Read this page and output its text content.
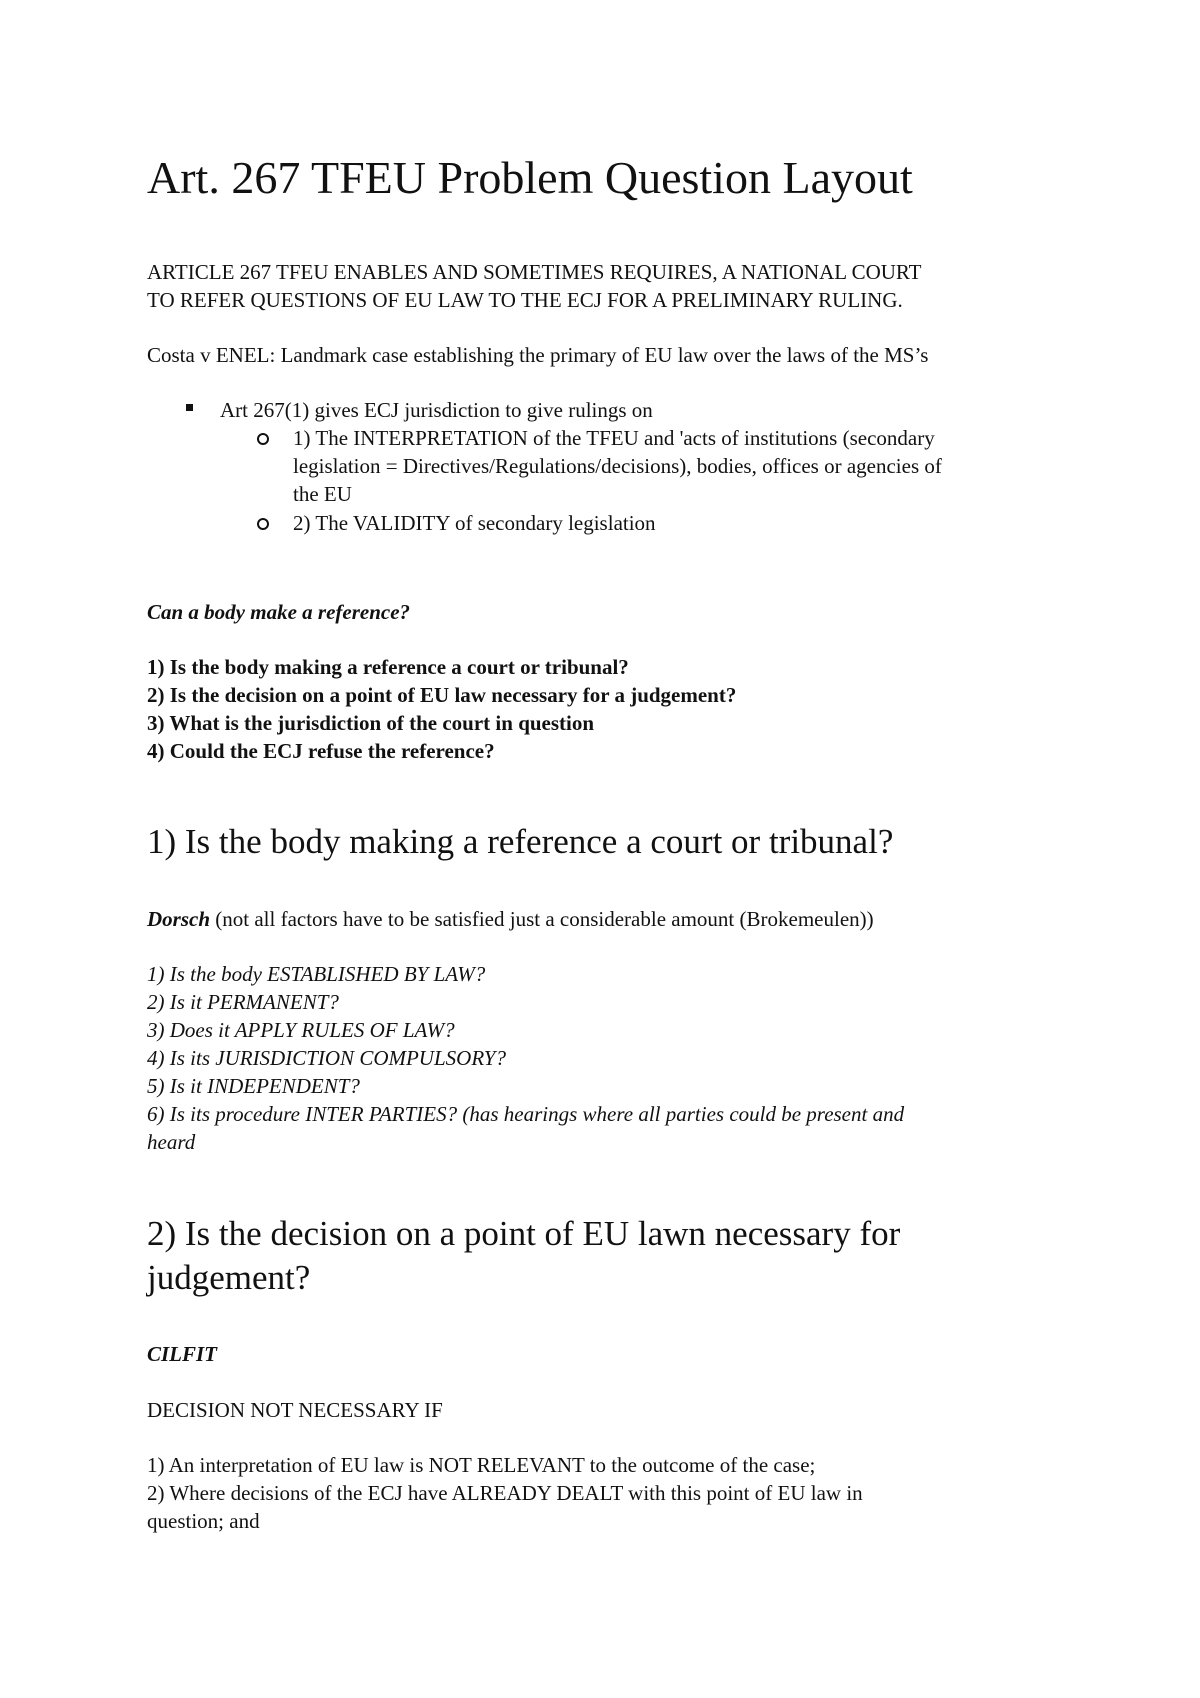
Art. 267 TFEU Problem Question Layout

ARTICLE 267 TFEU ENABLES AND SOMETIMES REQUIRES, A NATIONAL COURT

TO REFER QUESTIONS OF EU LAW TO THE ECJ FOR A PRELIMINARY RULING.

Costa v ENEL: Landmark case establishing the primary of EU law over the laws of the MS’s

Art 267(1) gives ECJ jurisdiction to give rulings on

1) The INTERPRETATION of the TFEU and 'acts of institutions (secondary

legislation = Directives/Regulations/decisions), bodies, offices or agencies of

the EU

2) The VALIDITY of secondary legislation

Can a body make a reference?

1) Is the body making a reference a court or tribunal?

2) Is the decision on a point of EU law necessary for a judgement?

3) What is the jurisdiction of the court in question

4) Could the ECJ refuse the reference?

1) Is the body making a reference a court or tribunal?

Dorsch (not all factors have to be satisfied just a considerable amount (Brokemeulen))

1) Is the body ESTABLISHED BY LAW?

2) Is it PERMANENT?

3) Does it APPLY RULES OF LAW?

4) Is its JURISDICTION COMPULSORY?

5) Is it INDEPENDENT?

6) Is its procedure INTER PARTIES? (has hearings where all parties could be present and

heard

2) Is the decision on a point of EU lawn necessary for
judgement?

CILFIT

DECISION NOT NECESSARY IF

1) An interpretation of EU law is NOT RELEVANT to the outcome of the case;

2) Where decisions of the ECJ have ALREADY DEALT with this point of EU law in

question; and
